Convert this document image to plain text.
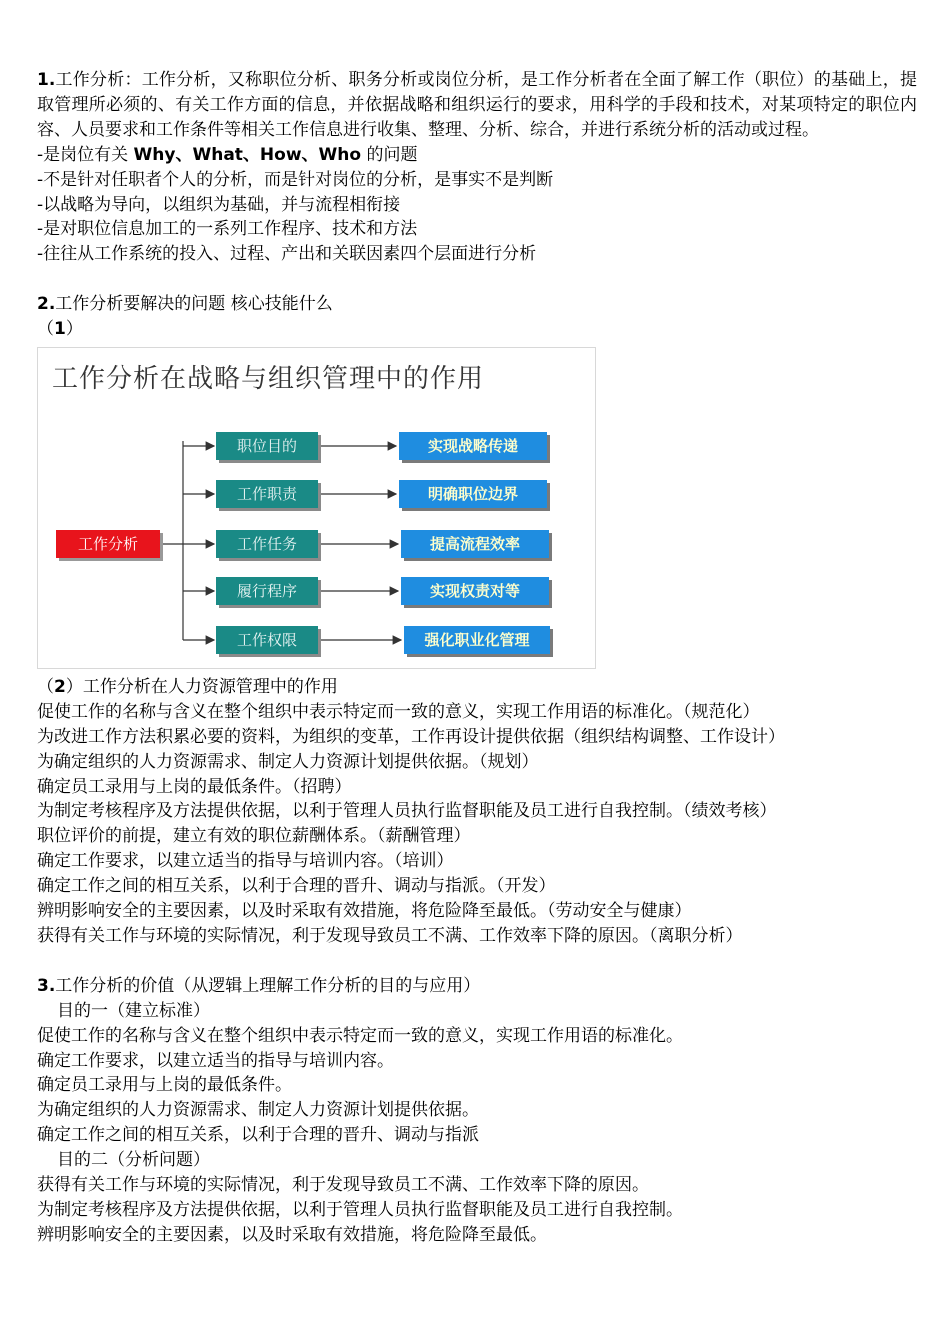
1.工作分析：工作分析，又称职位分析、职务分析或岗位分析，是工作分析者在全面了解工作（职位）的基础上，提取管理所必须的、有关工作方面的信息，并依据战略和组织运行的要求，用科学的手段和技术，对某项特定的职位内容、人员要求和工作条件等相关工作信息进行收集、整理、分析、综合，并进行系统分析的活动或过程。
-是岗位有关 Why、What、How、Who 的问题
-不是针对任职者个人的分析，而是针对岗位的分析，是事实不是判断
-以战略为导向，以组织为基础，并与流程相衔接
-是对职位信息加工的一系列工作程序、技术和方法
-往往从工作系统的投入、过程、产出和关联因素四个层面进行分析
2.工作分析要解决的问题 核心技能什么
（1）
工作分析在战略与组织管理中的作用
工作分析
职位目的
工作职责
工作任务
履行程序
工作权限
实现战略传递
明确职位边界
提高流程效率
实现权责对等
强化职业化管理
（2）工作分析在人力资源管理中的作用
促使工作的名称与含义在整个组织中表示特定而一致的意义，实现工作用语的标准化。（规范化）
为改进工作方法积累必要的资料，为组织的变革，工作再设计提供依据（组织结构调整、工作设计）
为确定组织的人力资源需求、制定人力资源计划提供依据。（规划）
确定员工录用与上岗的最低条件。（招聘）
为制定考核程序及方法提供依据，以利于管理人员执行监督职能及员工进行自我控制。（绩效考核）
职位评价的前提，建立有效的职位薪酬体系。（薪酬管理）
确定工作要求，以建立适当的指导与培训内容。（培训）
确定工作之间的相互关系，以利于合理的晋升、调动与指派。（开发）
辨明影响安全的主要因素，以及时采取有效措施，将危险降至最低。（劳动安全与健康）
获得有关工作与环境的实际情况，利于发现导致员工不满、工作效率下降的原因。（离职分析）
3.工作分析的价值（从逻辑上理解工作分析的目的与应用）
目的一（建立标准）
促使工作的名称与含义在整个组织中表示特定而一致的意义，实现工作用语的标准化。
确定工作要求，以建立适当的指导与培训内容。
确定员工录用与上岗的最低条件。
为确定组织的人力资源需求、制定人力资源计划提供依据。
确定工作之间的相互关系，以利于合理的晋升、调动与指派
目的二（分析问题）
获得有关工作与环境的实际情况，利于发现导致员工不满、工作效率下降的原因。
为制定考核程序及方法提供依据，以利于管理人员执行监督职能及员工进行自我控制。
辨明影响安全的主要因素，以及时采取有效措施，将危险降至最低。
